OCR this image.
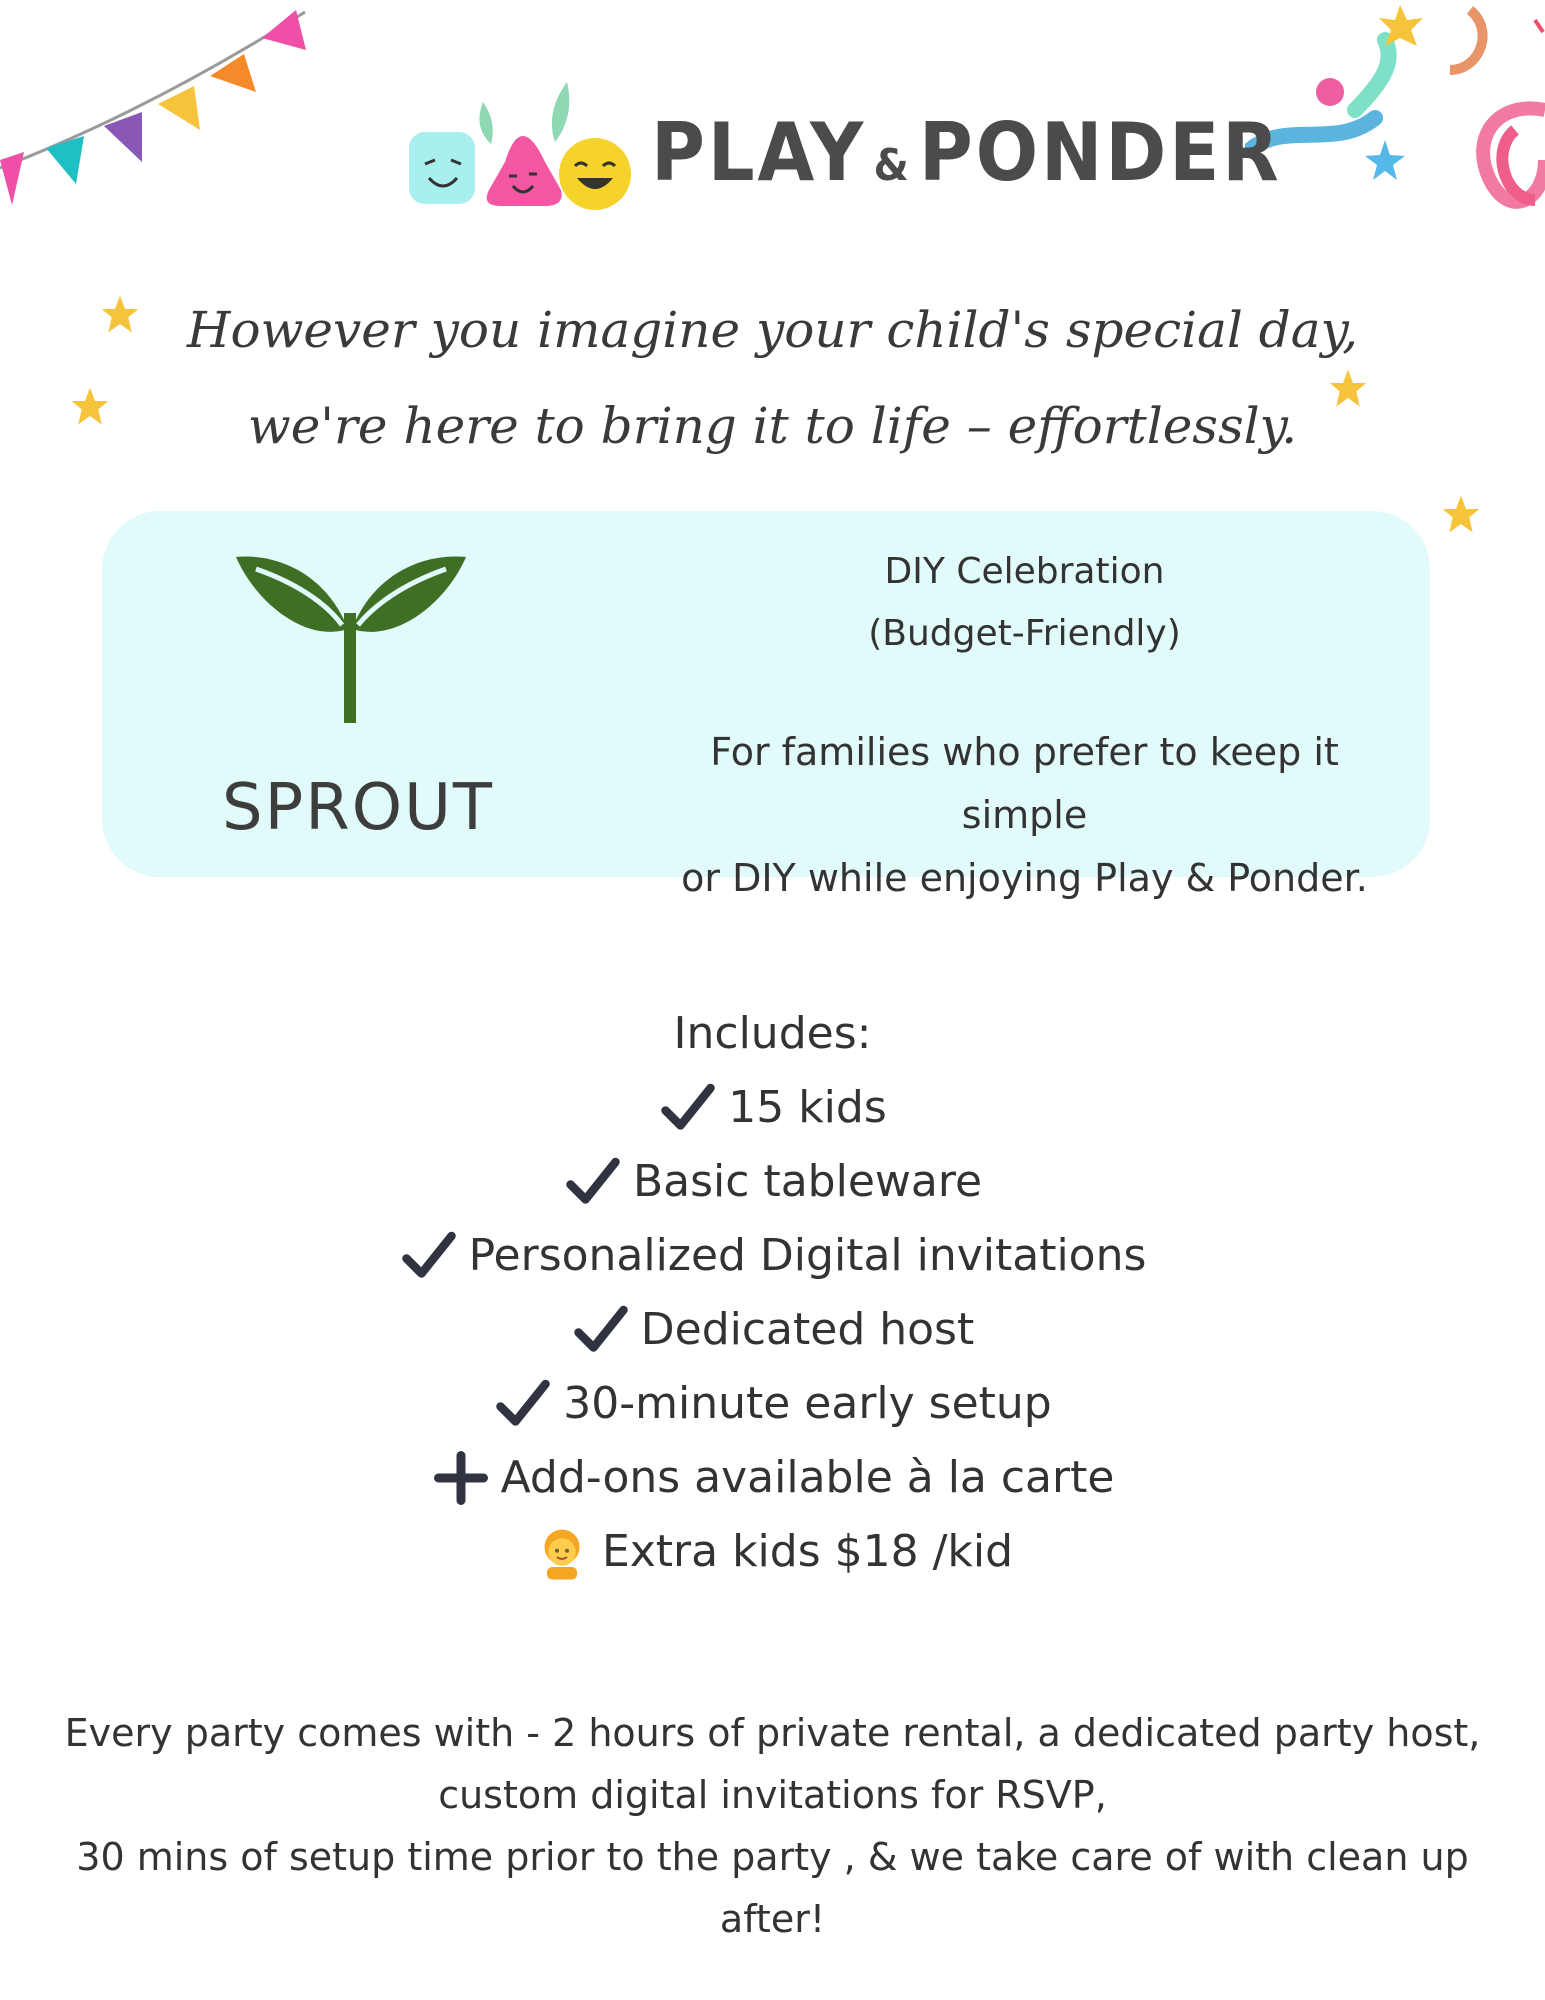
PLAY & PONDER
However you imagine your child's special day,
we're here to bring it to life – effortlessly.
SPROUT
DIY Celebration
(Budget-Friendly)
For families who prefer to keep it simple
or DIY while enjoying Play & Ponder.
Includes:
15 kids
Basic tableware
Personalized Digital invitations
Dedicated host
30-minute early setup
Add-ons available à la carte
Extra kids $18 /kid
Every party comes with - 2 hours of private rental, a dedicated party host,
custom digital invitations for RSVP,
30 mins of setup time prior to the party , & we take care of with clean up after!
